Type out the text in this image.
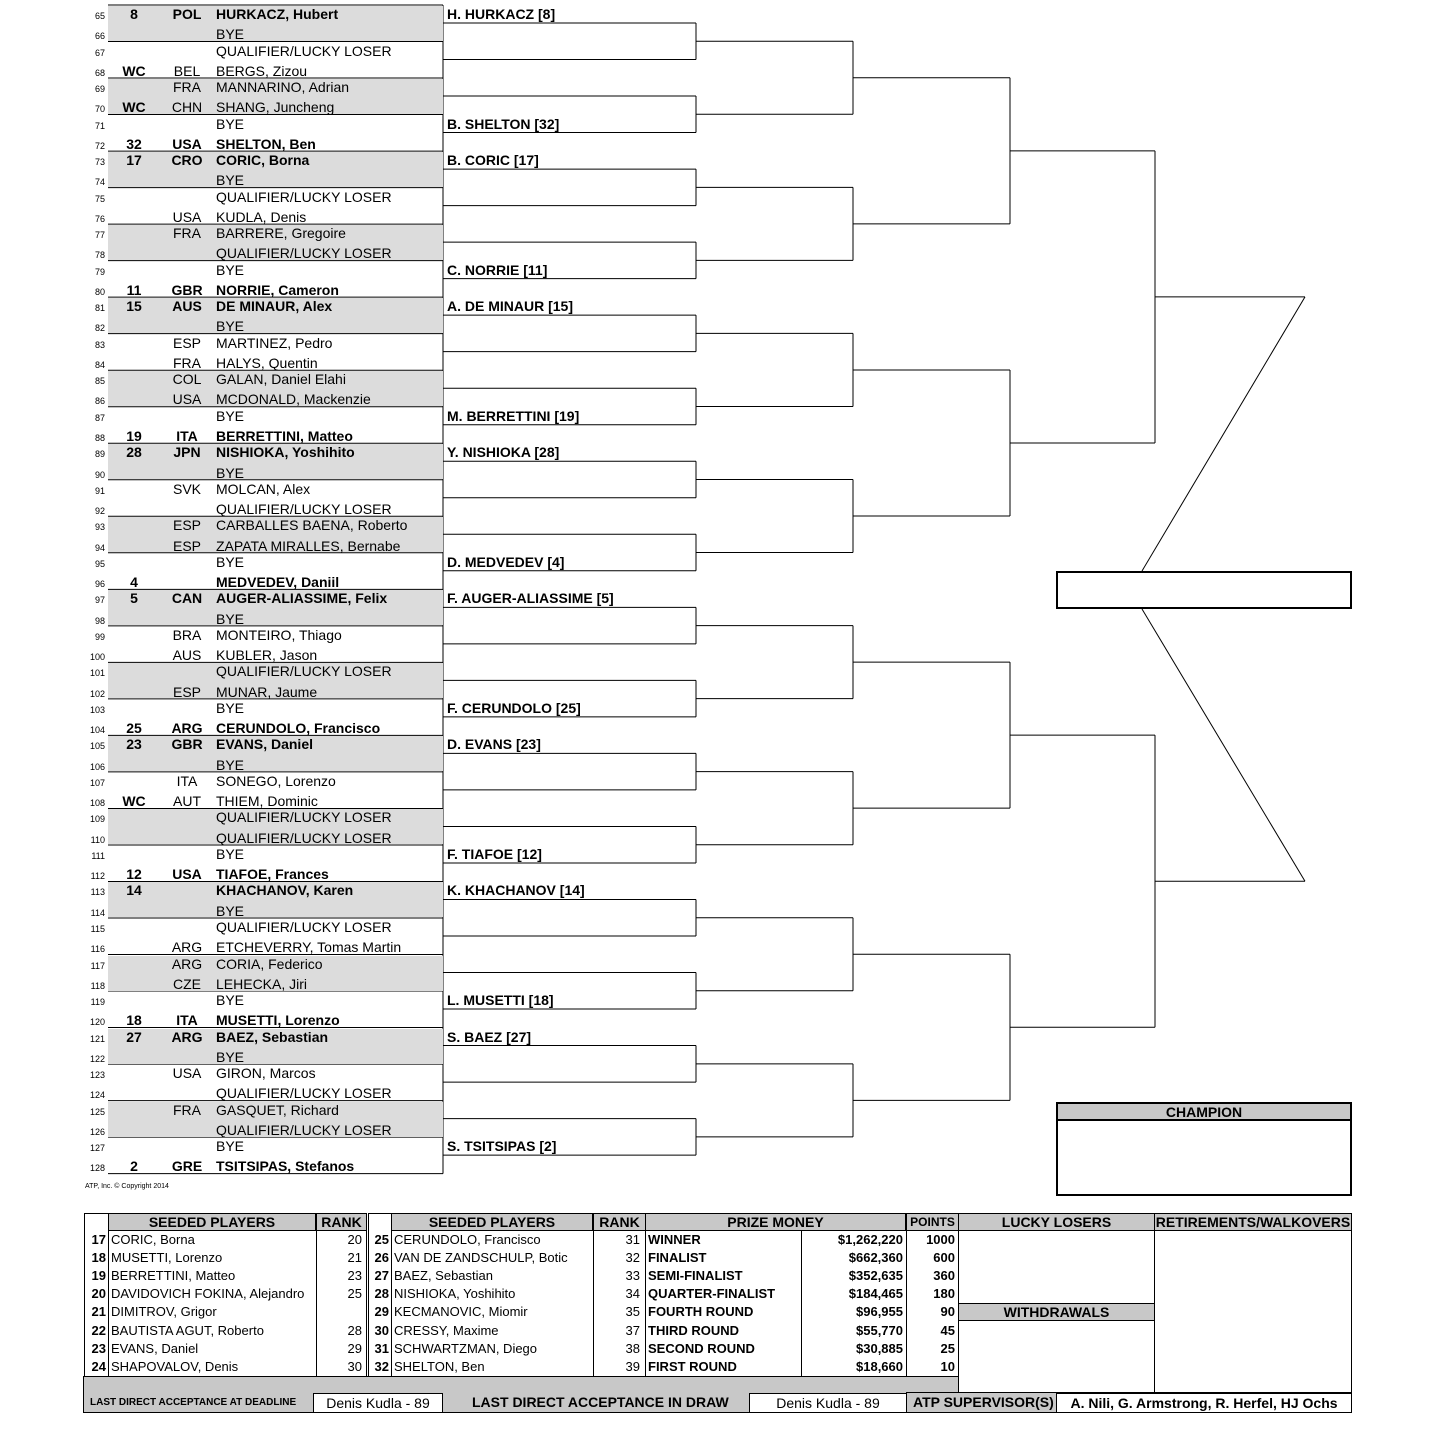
65	8	POL	HURKACZ, Hubert
66	BYE
67	QUALIFIER/LUCKY LOSER
68	WC	BEL	BERGS, Zizou
69	FRA	MANNARINO, Adrian
70	WC	CHN SHANG, Juncheng
71	BYE
72	32	USA	SHELTON, Ben
73	17	CRO CORIC, Borna
74	BYE
75	QUALIFIER/LUCKY LOSER
76	USA	KUDLA, Denis
77	FRA	BARRERE, Gregoire
78	QUALIFIER/LUCKY LOSER
79	BYE
80	11	GBR NORRIE, Cameron
81	15	AUS	DE MINAUR, Alex
82	BYE
83	ESP	MARTINEZ, Pedro
84	FRA	HALYS, Quentin
85	COL	GALAN, Daniel Elahi
86	USA	MCDONALD, Mackenzie
87	BYE
88	19	ITA	BERRETTINI, Matteo
89	28	JPN	NISHIOKA, Yoshihito
90	BYE
91	SVK	MOLCAN, Alex
92	QUALIFIER/LUCKY LOSER
93	ESP	CARBALLES BAENA, Roberto
94	ESP	ZAPATA MIRALLES, Bernabe
95	BYE
96	4	MEDVEDEV, Daniil
97	5	CAN AUGER-ALIASSIME, Felix
98	BYE
99	BRA	MONTEIRO, Thiago
100	AUS	KUBLER, Jason
101	QUALIFIER/LUCKY LOSER
102	ESP	MUNAR, Jaume
103	BYE
104	25	ARG CERUNDOLO, Francisco
105	23	GBR EVANS, Daniel
106	BYE
107	ITA	SONEGO, Lorenzo
108	WC	AUT	THIEM, Dominic
109	QUALIFIER/LUCKY LOSER
110	QUALIFIER/LUCKY LOSER
111	BYE
112	12	USA	TIAFOE, Frances
113	14	KHACHANOV, Karen
114	BYE
115	QUALIFIER/LUCKY LOSER
116	ARG ETCHEVERRY, Tomas Martin
117	ARG CORIA, Federico
118	CZE	LEHECKA, Jiri
119	BYE
120	18	ITA	MUSETTI, Lorenzo
121	27	ARG BAEZ, Sebastian
122	BYE
123	USA	GIRON, Marcos
124	QUALIFIER/LUCKY LOSER
125	FRA	GASQUET, Richard
126	QUALIFIER/LUCKY LOSER
127	BYE
128	2	GRE TSITSIPAS, Stefanos
H. HURKACZ [8]
B. SHELTON [32]
B. CORIC [17]
C. NORRIE [11]
A. DE MINAUR [15]
M. BERRETTINI [19]
Y. NISHIOKA [28]
D. MEDVEDEV [4]
F. AUGER-ALIASSIME [5]
F. CERUNDOLO [25]
D. EVANS [23]
F. TIAFOE [12]
K. KHACHANOV [14]
L. MUSETTI [18]
S. BAEZ [27]
S. TSITSIPAS [2]
ATP, Inc. © Copyright 2014
CHAMPION
SEEDED PLAYERS	RANK
17 CORIC, Borna	20
18 MUSETTI, Lorenzo	21
19 BERRETTINI, Matteo	23
20 DAVIDOVICH FOKINA, Alejandro	25
21 DIMITROV, Grigor
22 BAUTISTA AGUT, Roberto	28
23 EVANS, Daniel	29
24 SHAPOVALOV, Denis	30
SEEDED PLAYERS	RANK
25 CERUNDOLO, Francisco	31
26 VAN DE ZANDSCHULP, Botic	32
27 BAEZ, Sebastian	33
28 NISHIOKA, Yoshihito	34
29 KECMANOVIC, Miomir	35
30 CRESSY, Maxime	37
31 SCHWARTZMAN, Diego	38
32 SHELTON, Ben	39
PRIZE MONEY	POINTS
WINNER	$1,262,220	1000
FINALIST	$662,360	600
SEMI-FINALIST	$352,635	360
QUARTER-FINALIST	$184,465	180
FOURTH ROUND	$96,955	90
THIRD ROUND	$55,770	45
SECOND ROUND	$30,885	25
FIRST ROUND	$18,660	10
LUCKY LOSERS
WITHDRAWALS
RETIREMENTS/WALKOVERS
LAST DIRECT ACCEPTANCE AT DEADLINE	Denis Kudla - 89	LAST DIRECT ACCEPTANCE IN DRAW	Denis Kudla - 89	ATP SUPERVISOR(S)	A. Nili, G. Armstrong, R. Herfel, HJ Ochs
